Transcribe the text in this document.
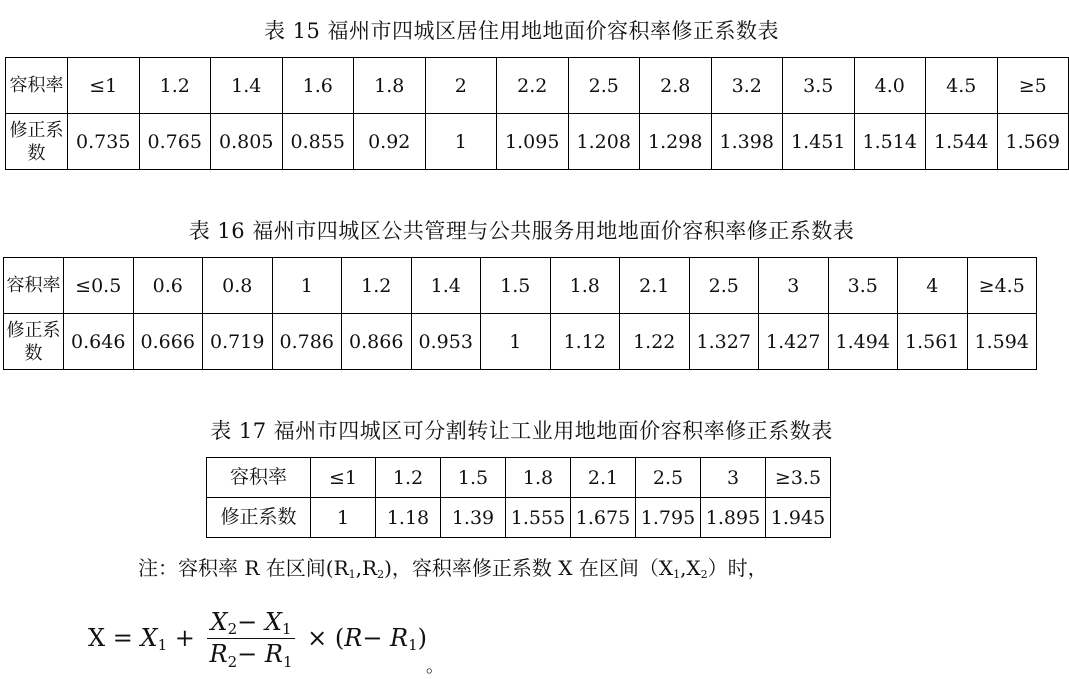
表 15 福州市四城区居住用地地面价容积率修正系数表
容积率	≤1	1.2	1.4	1.6	1.8	2	2.2	2.5	2.8	3.2	3.5	4.0	4.5	≥5
修正系数	0.735	0.765	0.805	0.855	0.92	1	1.095	1.208	1.298	1.398	1.451	1.514	1.544	1.569
表 16 福州市四城区公共管理与公共服务用地地面价容积率修正系数表
容积率	≤0.5	0.6	0.8	1	1.2	1.4	1.5	1.8	2.1	2.5	3	3.5	4	≥4.5
修正系数	0.646	0.666	0.719	0.786	0.866	0.953	1	1.12	1.22	1.327	1.427	1.494	1.561	1.594
表 17 福州市四城区可分割转让工业用地地面价容积率修正系数表
容积率	≤1	1.2	1.5	1.8	2.1	2.5	3	≥3.5
修正系数	1	1.18	1.39	1.555	1.675	1.795	1.895	1.945
注：容积率 R 在区间$(R_1,R_2)$，容积率修正系数 X 在区间$(X_1,X_2)$时，
$X = X_1 + \frac{X_2- X_1}{R_2- R_1} \times (R- R_1)$
。
